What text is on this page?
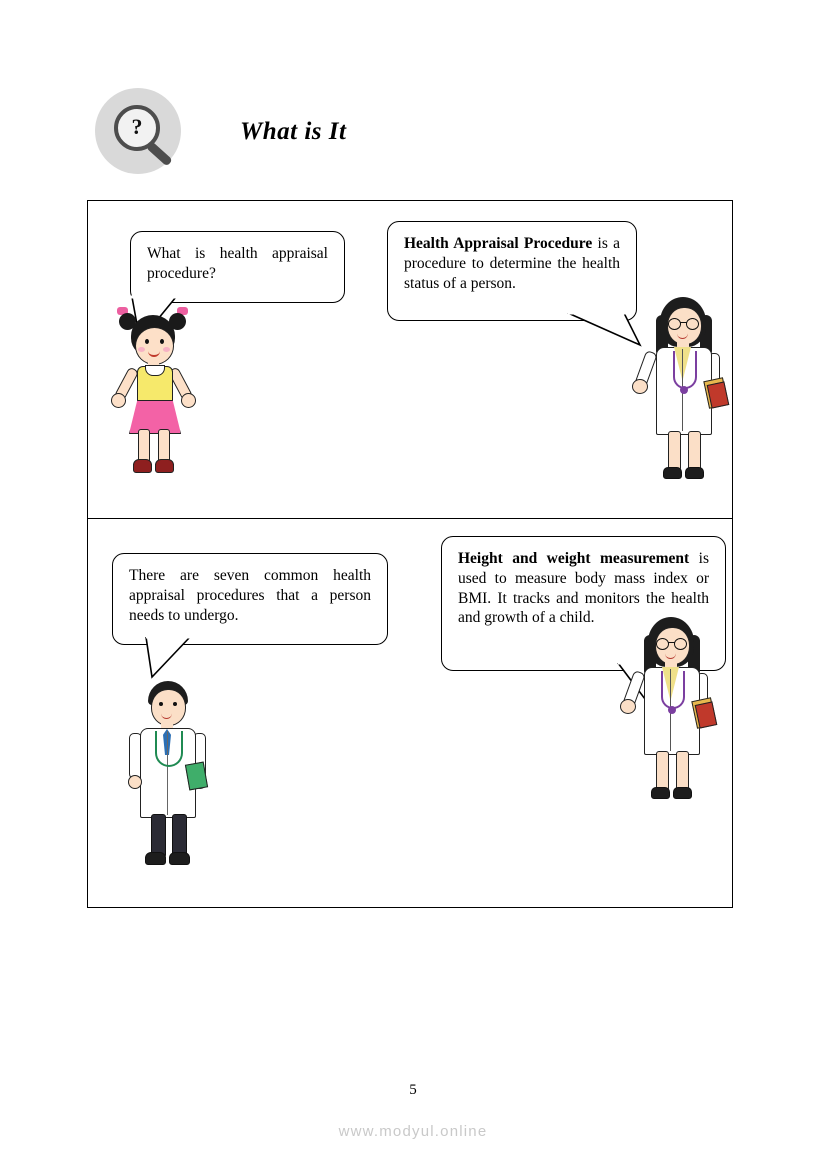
?	What is It
What is health appraisal procedure?
Health Appraisal Procedure is a procedure to determine the health status of a person.
There are seven common health appraisal procedures that a person needs to undergo.
Height and weight measurement is used to measure body mass index or BMI. It tracks and monitors the health and growth of a child.
5
www.modyul.online
